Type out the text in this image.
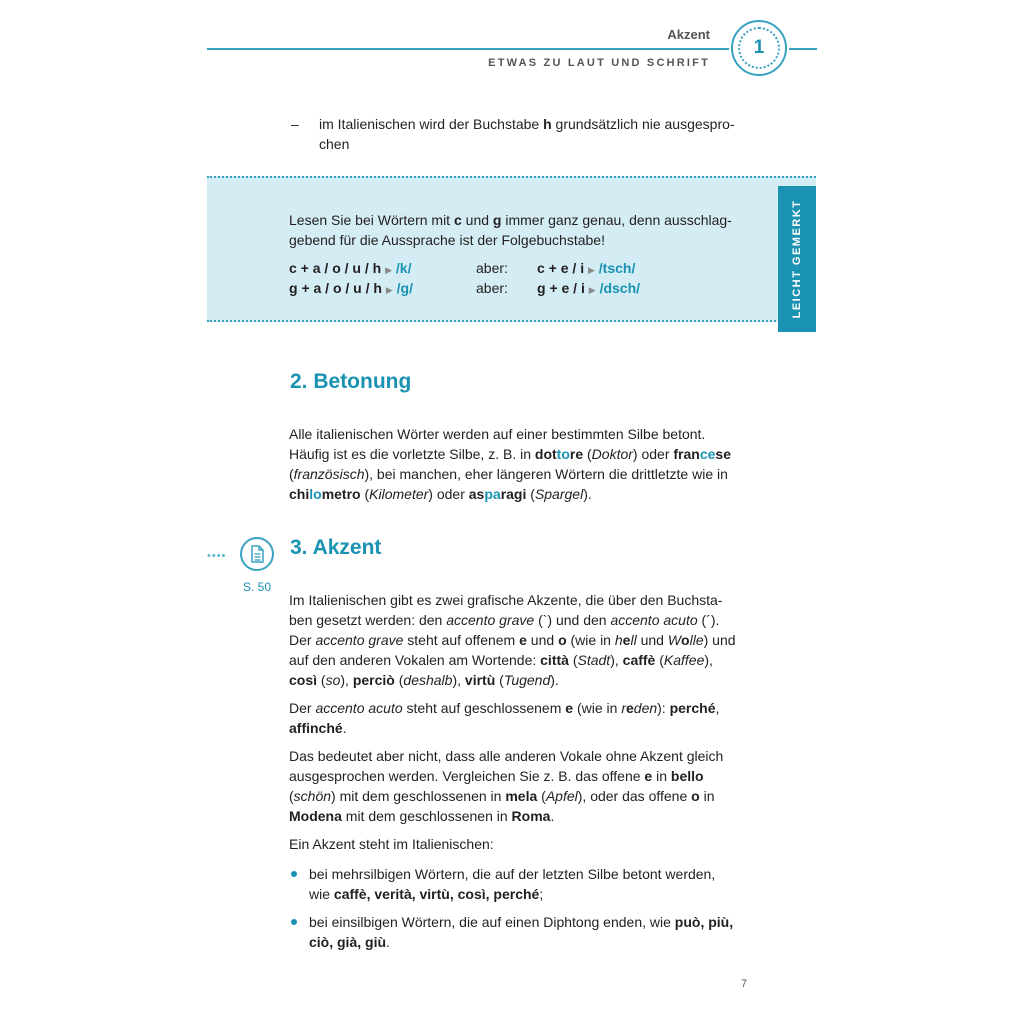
Akzent
ETWAS ZU LAUT UND SCHRIFT
1
– im Italienischen wird der Buchstabe h grundsätzlich nie ausgespro-
chen
LEICHT GEMERKT
Lesen Sie bei Wörtern mit c und g immer ganz genau, denn ausschlag-
gebend für die Aussprache ist der Folgebuchstabe!
c + a / o / u / h ▶ /k/	aber: c + e / i ▶ /tsch/
g + a / o / u / h ▶ /g/	aber: g + e / i ▶ /dsch/
2. Betonung
Alle italienischen Wörter werden auf einer bestimmten Silbe betont.
Häufig ist es die vorletzte Silbe, z. B. in dottore (Doktor) oder francese
(französisch), bei manchen, eher längeren Wörtern die drittletzte wie in
chilometro (Kilometer) oder asparagi (Spargel).
••••
S. 50
3. Akzent
Im Italienischen gibt es zwei grafische Akzente, die über den Buchsta-
ben gesetzt werden: den accento grave (`) und den accento acuto (´).
Der accento grave steht auf offenem e und o (wie in hell und Wolle) und
auf den anderen Vokalen am Wortende: città (Stadt), caffè (Kaffee),
così (so), perciò (deshalb), virtù (Tugend).
Der accento acuto steht auf geschlossenem e (wie in reden): perché,
affinché.
Das bedeutet aber nicht, dass alle anderen Vokale ohne Akzent gleich
ausgesprochen werden. Vergleichen Sie z. B. das offene e in bello
(schön) mit dem geschlossenen in mela (Apfel), oder das offene o in
Modena mit dem geschlossenen in Roma.
Ein Akzent steht im Italienischen:
bei mehrsilbigen Wörtern, die auf der letzten Silbe betont werden,
wie caffè, verità, virtù, così, perché;
bei einsilbigen Wörtern, die auf einen Diphtong enden, wie può, più,
ciò, già, giù.
7
